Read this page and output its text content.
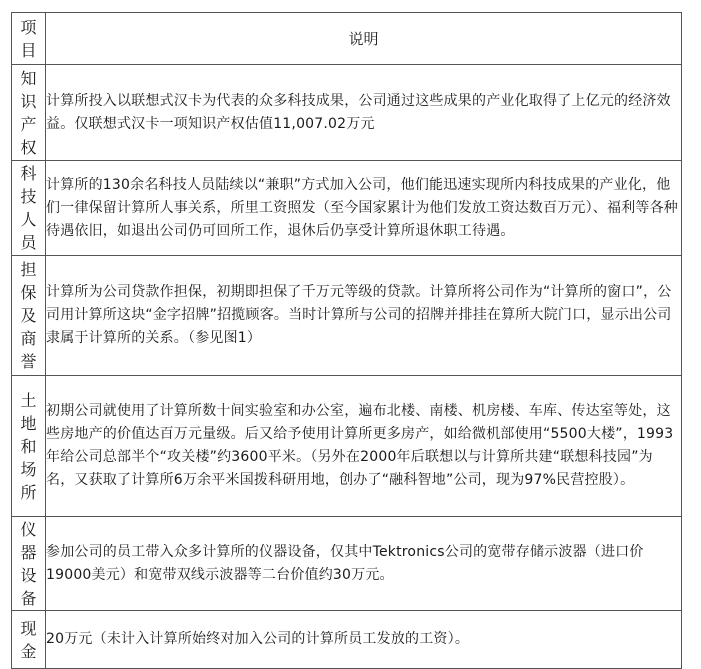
项目	说明

知识产权	计算所投入以联想式汉卡为代表的众多科技成果，公司通过这些成果的产业化取得了上亿元的经济效益。仅联想式汉卡一项知识产权估值11,007.02万元

科技人员	计算所的130余名科技人员陆续以“兼职”方式加入公司，他们能迅速实现所内科技成果的产业化，他们一律保留计算所人事关系，所里工资照发（至今国家累计为他们发放工资达数百万元）、福利等各种待遇依旧，如退出公司仍可回所工作，退休后仍享受计算所退休职工待遇。

担保及商誉	计算所为公司贷款作担保，初期即担保了千万元等级的贷款。计算所将公司作为“计算所的窗口”，公司用计算所这块“金字招牌”招揽顾客。当时计算所与公司的招牌并排挂在算所大院门口，显示出公司隶属于计算所的关系。（参见图1）

土地和场所	初期公司就使用了计算所数十间实验室和办公室，遍布北楼、南楼、机房楼、车库、传达室等处，这些房地产的价值达百万元量级。后又给予使用计算所更多房产，如给微机部使用“5500大楼”，1993年给公司总部半个“攻关楼”约3600平米。（另外在2000年后联想以与计算所共建“联想科技园”为名，又获取了计算所6万余平米国拨科研用地，创办了“融科智地”公司，现为97%民营控股）。

仪器设备	参加公司的员工带入众多计算所的仪器设备，仅其中Tektronics公司的宽带存储示波器（进口价19000美元）和宽带双线示波器等二台价值约30万元。

现金	20万元（未计入计算所始终对加入公司的计算所员工发放的工资）。
